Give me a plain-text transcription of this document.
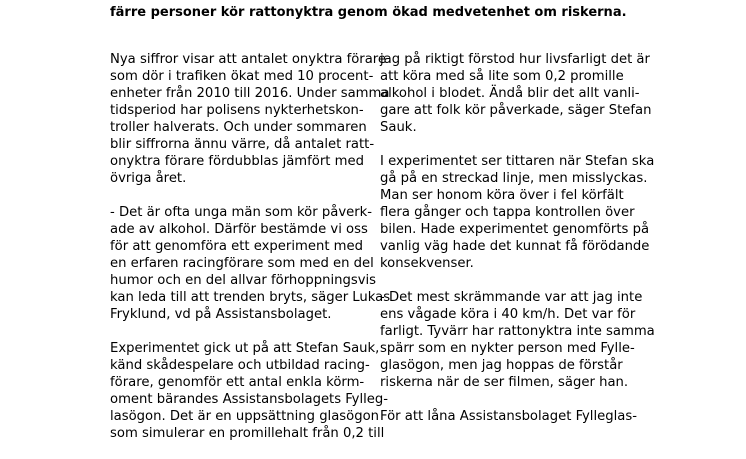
färre personer kör rattonyktra genom ökad medvetenhet om riskerna.

Nya siffror visar att antalet onyktra förare
som dör i trafiken ökat med 10 procent-
enheter från 2010 till 2016. Under samma
tidsperiod har polisens nykterhetskon-
troller halverats. Och under sommaren
blir siffrorna ännu värre, då antalet ratt-
onyktra förare fördubblas jämfört med
övriga året.
- Det är ofta unga män som kör påverk-
ade av alkohol. Därför bestämde vi oss
för att genomföra ett experiment med
en erfaren racingförare som med en del
humor och en del allvar förhoppningsvis
kan leda till att trenden bryts, säger Lukas
Fryklund, vd på Assistansbolaget.
Experimentet gick ut på att Stefan Sauk,
känd skådespelare och utbildad racing-
förare, genomför ett antal enkla körm-
oment bärandes Assistansbolagets Fylleg-
lasögon. Det är en uppsättning glasögon
som simulerar en promillehalt från 0,2 till
jag på riktigt förstod hur livsfarligt det är
att köra med så lite som 0,2 promille
alkohol i blodet. Ändå blir det allt vanli-
gare att folk kör påverkade, säger Stefan
Sauk.
I experimentet ser tittaren när Stefan ska
gå på en streckad linje, men misslyckas.
Man ser honom köra över i fel körfält
flera gånger och tappa kontrollen över
bilen. Hade experimentet genomförts på
vanlig väg hade det kunnat få förödande
konsekvenser.
- Det mest skrämmande var att jag inte
ens vågade köra i 40 km/h. Det var för
farligt. Tyvärr har rattonyktra inte samma
spärr som en nykter person med Fylle-
glasögon, men jag hoppas de förstår
riskerna när de ser filmen, säger han.
För att låna Assistansbolaget Fylleglas-
